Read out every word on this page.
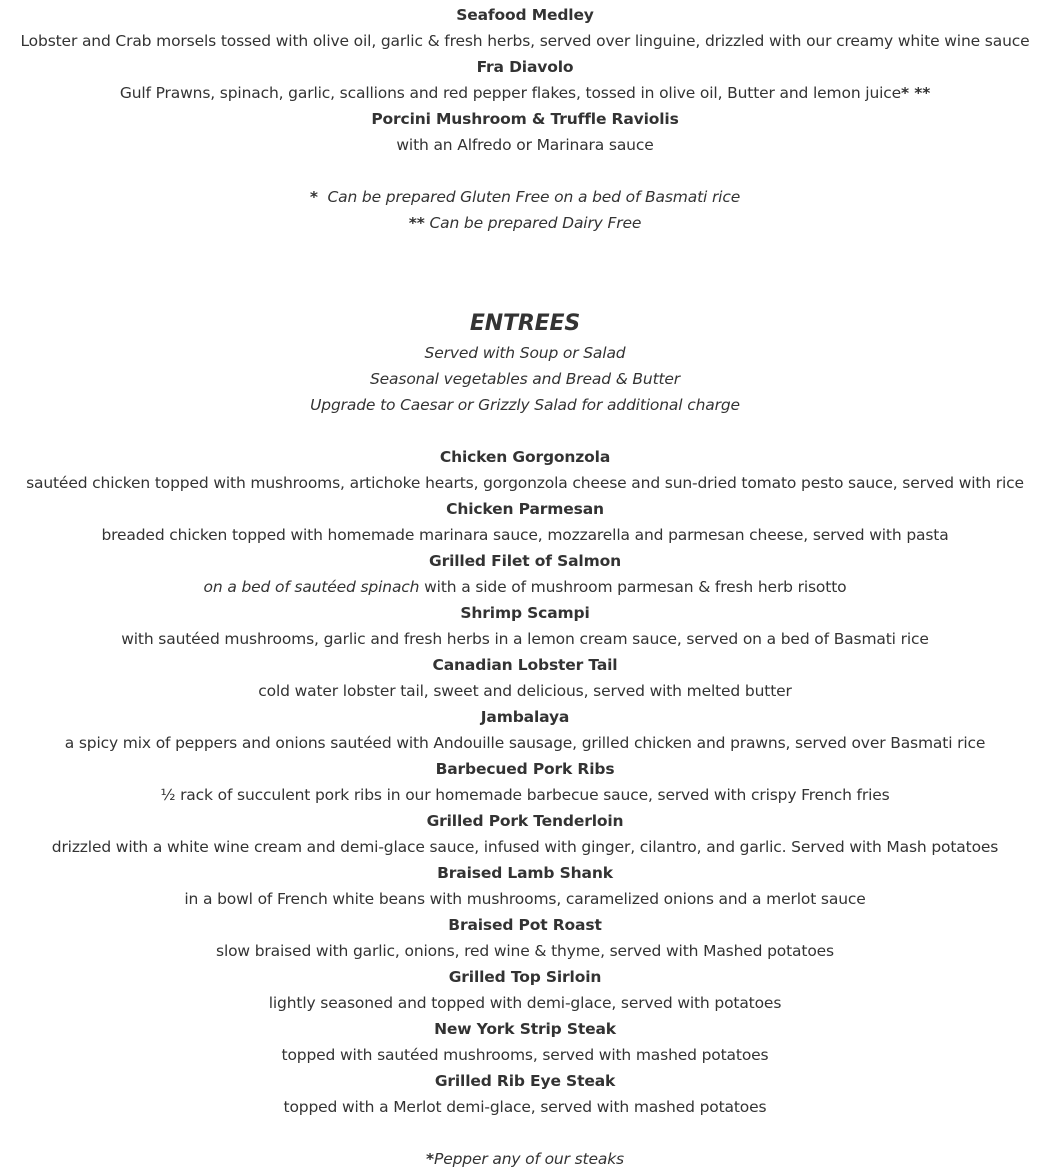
Seafood Medley
Lobster and Crab morsels tossed with olive oil, garlic & fresh herbs, served over linguine, drizzled with our creamy white wine sauce
Fra Diavolo
Gulf Prawns, spinach, garlic, scallions and red pepper flakes, tossed in olive oil, Butter and lemon juice* **
Porcini Mushroom & Truffle Raviolis
with an Alfredo or Marinara sauce
* Can be prepared Gluten Free on a bed of Basmati rice
** Can be prepared Dairy Free
ENTREES
Served with Soup or Salad
Seasonal vegetables and Bread & Butter
Upgrade to Caesar or Grizzly Salad for additional charge
Chicken Gorgonzola
sautéed chicken topped with mushrooms, artichoke hearts, gorgonzola cheese and sun-dried tomato pesto sauce, served with rice
Chicken Parmesan
breaded chicken topped with homemade marinara sauce, mozzarella and parmesan cheese, served with pasta
Grilled Filet of Salmon
on a bed of sautéed spinach with a side of mushroom parmesan & fresh herb risotto
Shrimp Scampi
with sautéed mushrooms, garlic and fresh herbs in a lemon cream sauce, served on a bed of Basmati rice
Canadian Lobster Tail
cold water lobster tail, sweet and delicious, served with melted butter
Jambalaya
a spicy mix of peppers and onions sautéed with Andouille sausage, grilled chicken and prawns, served over Basmati rice
Barbecued Pork Ribs
½ rack of succulent pork ribs in our homemade barbecue sauce, served with crispy French fries
Grilled Pork Tenderloin
drizzled with a white wine cream and demi-glace sauce, infused with ginger, cilantro, and garlic. Served with Mash potatoes
Braised Lamb Shank
in a bowl of French white beans with mushrooms, caramelized onions and a merlot sauce
Braised Pot Roast
slow braised with garlic, onions, red wine & thyme, served with Mashed potatoes
Grilled Top Sirloin
lightly seasoned and topped with demi-glace, served with potatoes
New York Strip Steak
topped with sautéed mushrooms, served with mashed potatoes
Grilled Rib Eye Steak
topped with a Merlot demi-glace, served with mashed potatoes
*Pepper any of our steaks
